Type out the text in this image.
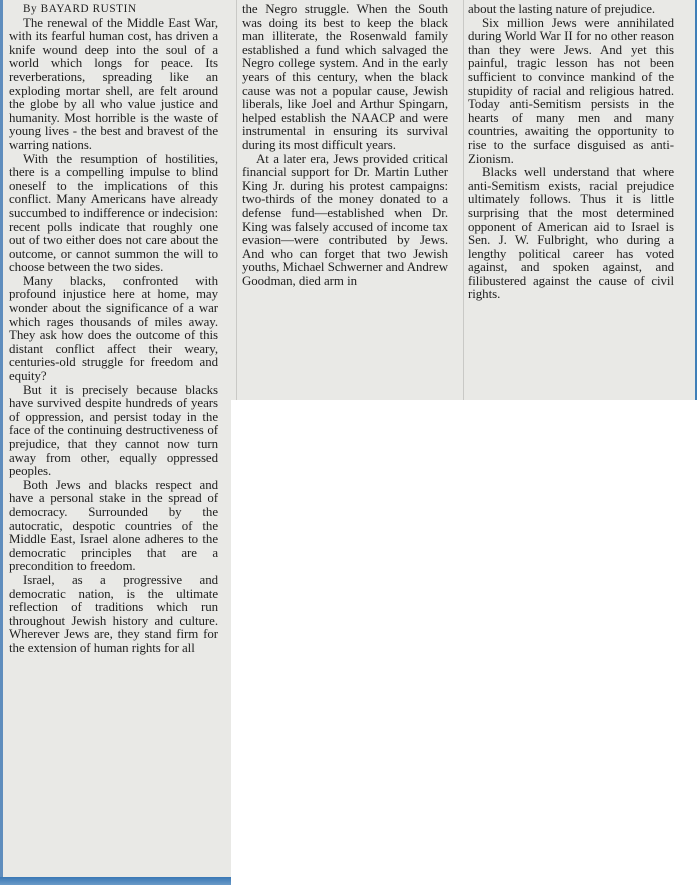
By BAYARD RUSTIN

The renewal of the Middle East War, with its fearful human cost, has driven a knife wound deep into the soul of a world which longs for peace. Its reverberations, spreading like an exploding mortar shell, are felt around the globe by all who value justice and humanity. Most horrible is the waste of young lives - the best and bravest of the warring nations.

With the resumption of hostilities, there is a compelling impulse to blind oneself to the implications of this conflict. Many Americans have already succumbed to indifference or indecision: recent polls indicate that roughly one out of two either does not care about the outcome, or cannot summon the will to choose between the two sides.

Many blacks, confronted with profound injustice here at home, may wonder about the significance of a war which rages thousands of miles away. They ask how does the outcome of this distant conflict affect their weary, centuries-old struggle for freedom and equity?

But it is precisely because blacks have survived despite hundreds of years of oppression, and persist today in the face of the continuing destructiveness of prejudice, that they cannot now turn away from other, equally oppressed peoples.

Both Jews and blacks respect and have a personal stake in the spread of democracy. Surrounded by the autocratic, despotic countries of the Middle East, Israel alone adheres to the democratic principles that are a precondition to freedom.

Israel, as a progressive and democratic nation, is the ultimate reflection of traditions which run throughout Jewish history and culture. Wherever Jews are, they stand firm for the extension of human rights for all

the Negro struggle. When the South was doing its best to keep the black man illiterate, the Rosenwald family established a fund which salvaged the Negro college system. And in the early years of this century, when the black cause was not a popular cause, Jewish liberals, like Joel and Arthur Spingarn, helped establish the NAACP and were instrumental in ensuring its survival during its most difficult years.

At a later era, Jews provided critical financial support for Dr. Martin Luther King Jr. during his protest campaigns: two-thirds of the money donated to a defense fund—established when Dr. King was falsely accused of income tax evasion—were contributed by Jews. And who can forget that two Jewish youths, Michael Schwerner and Andrew Goodman, died arm in

about the lasting nature of prejudice.

Six million Jews were annihilated during World War II for no other reason than they were Jews. And yet this painful, tragic lesson has not been sufficient to convince mankind of the stupidity of racial and religious hatred. Today anti-Semitism persists in the hearts of many men and many countries, awaiting the opportunity to rise to the surface disguised as anti-Zionism.

Blacks well understand that where anti-Semitism exists, racial prejudice ultimately follows. Thus it is little surprising that the most determined opponent of American aid to Israel is Sen. J. W. Fulbright, who during a lengthy political career has voted against, and spoken against, and filibustered against the cause of civil rights.
